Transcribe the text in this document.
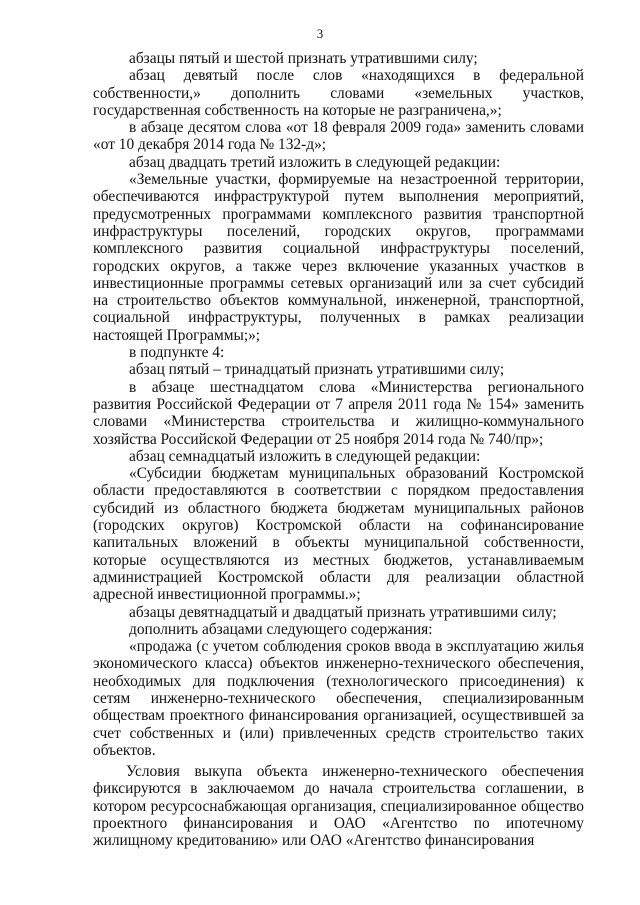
3

абзацы пятый и шестой признать утратившими силу;

абзац девятый после слов «находящихся в федеральной собственности,» дополнить словами «земельных участков, государственная собственность на которые не разграничена,»;

в абзаце десятом слова «от 18 февраля 2009 года» заменить словами «от 10 декабря 2014 года № 132-д»;

абзац двадцать третий изложить в следующей редакции:

«Земельные участки, формируемые на незастроенной территории, обеспечиваются инфраструктурой путем выполнения мероприятий, предусмотренных программами комплексного развития транспортной инфраструктуры поселений, городских округов, программами комплексного развития социальной инфраструктуры поселений, городских округов, а также через включение указанных участков в инвестиционные программы сетевых организаций или за счет субсидий на строительство объектов коммунальной, инженерной, транспортной, социальной инфраструктуры, полученных в рамках реализации настоящей Программы;»;

в подпункте 4:

абзац пятый – тринадцатый признать утратившими силу;

в абзаце шестнадцатом слова «Министерства регионального развития Российской Федерации от 7 апреля 2011 года № 154» заменить словами «Министерства строительства и жилищно-коммунального хозяйства Российской Федерации от 25 ноября 2014 года № 740/пр»;

абзац семнадцатый изложить в следующей редакции:

«Субсидии бюджетам муниципальных образований Костромской области предоставляются в соответствии с порядком предоставления субсидий из областного бюджета бюджетам муниципальных районов (городских округов) Костромской области на софинансирование капитальных вложений в объекты муниципальной собственности, которые осуществляются из местных бюджетов, устанавливаемым администрацией Костромской области для реализации областной адресной инвестиционной программы.»;

абзацы девятнадцатый и двадцатый признать утратившими силу;

дополнить абзацами следующего содержания:

«продажа (с учетом соблюдения сроков ввода в эксплуатацию жилья экономического класса) объектов инженерно-технического обеспечения, необходимых для подключения (технологического присоединения) к сетям инженерно-технического обеспечения, специализированным обществам проектного финансирования организацией, осуществившей за счет собственных и (или) привлеченных средств строительство таких объектов.

Условия выкупа объекта инженерно-технического обеспечения фиксируются в заключаемом до начала строительства соглашении, в котором ресурсоснабжающая организация, специализированное общество проектного финансирования и ОАО «Агентство по ипотечному жилищному кредитованию» или ОАО «Агентство финансирования
